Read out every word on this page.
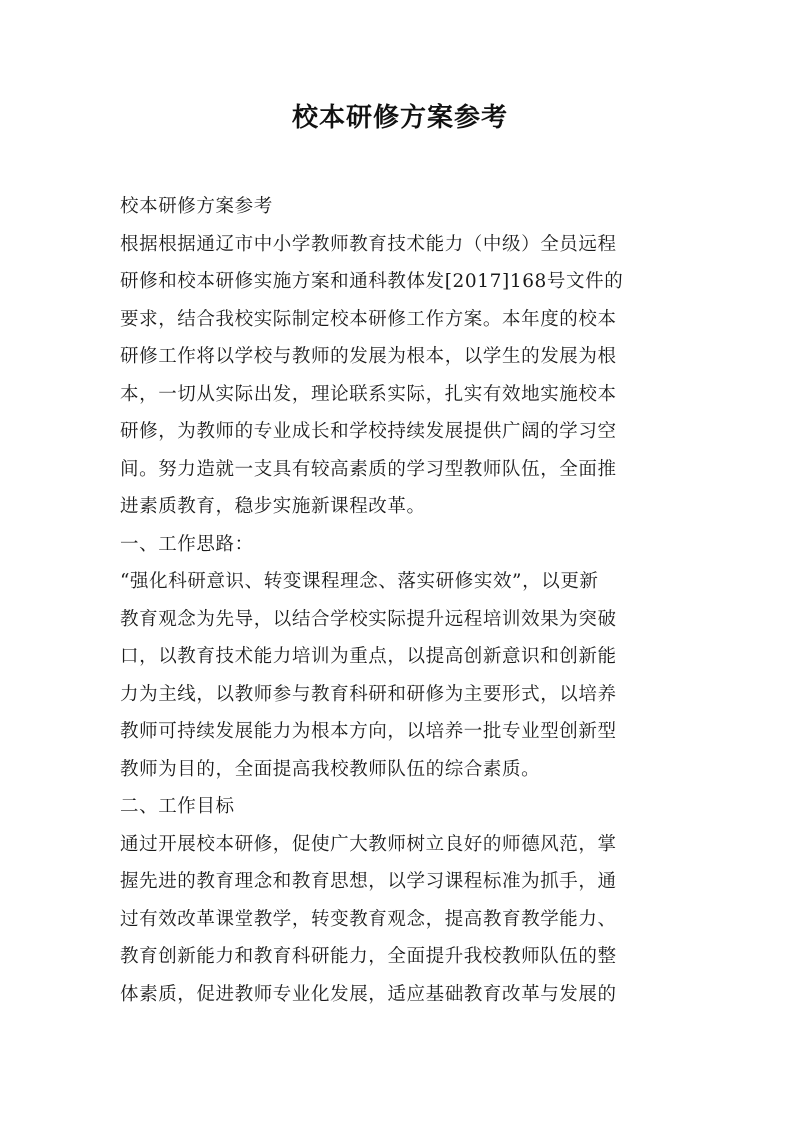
校本研修方案参考
校本研修方案参考
根据根据通辽市中小学教师教育技术能力（中级）全员远程
研修和校本研修实施方案和通科教体发[2017]168号文件的
要求，结合我校实际制定校本研修工作方案。本年度的校本
研修工作将以学校与教师的发展为根本，以学生的发展为根
本，一切从实际出发，理论联系实际，扎实有效地实施校本
研修，为教师的专业成长和学校持续发展提供广阔的学习空
间。努力造就一支具有较高素质的学习型教师队伍，全面推
进素质教育，稳步实施新课程改革。
一、工作思路：
“强化科研意识、转变课程理念、落实研修实效”，以更新
教育观念为先导，以结合学校实际提升远程培训效果为突破
口，以教育技术能力培训为重点，以提高创新意识和创新能
力为主线，以教师参与教育科研和研修为主要形式，以培养
教师可持续发展能力为根本方向，以培养一批专业型创新型
教师为目的，全面提高我校教师队伍的综合素质。
二、工作目标
通过开展校本研修，促使广大教师树立良好的师德风范，掌
握先进的教育理念和教育思想，以学习课程标准为抓手，通
过有效改革课堂教学，转变教育观念，提高教育教学能力、
教育创新能力和教育科研能力，全面提升我校教师队伍的整
体素质，促进教师专业化发展，适应基础教育改革与发展的
